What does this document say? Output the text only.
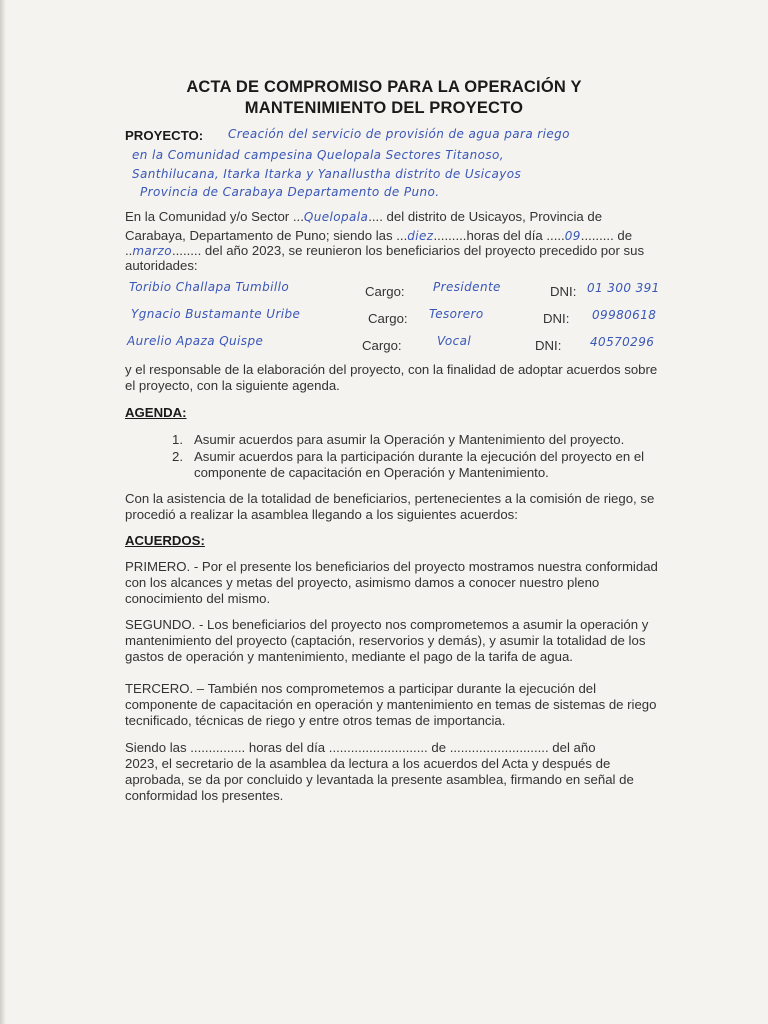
ACTA DE COMPROMISO PARA LA OPERACIÓN Y
MANTENIMIENTO DEL PROYECTO
PROYECTO: Creación del servicio de provisión de agua para riego
en la Comunidad campesina Quelopala Sectores Titanoso,
Santhilucana, Itarka Itarka y Yanallustha distrito de Usicayos
Provincia de Carabaya Departamento de Puno.
En la Comunidad y/o Sector ...Quelopala.... del distrito de Usicayos, Provincia de
Carabaya, Departamento de Puno; siendo las ...diez.........horas del día .....09......... de
..marzo........ del año 2023, se reunieron los beneficiarios del proyecto precedido por sus
autoridades:
Toribio Challapa Tumbillo	Cargo: Presidente	DNI: 01 300 391
Ygnacio Bustamante Uribe	Cargo: Tesorero	DNI: 09980618
Aurelio Apaza Quispe	Cargo:	Vocal	DNI: 40570296
y el responsable de la elaboración del proyecto, con la finalidad de adoptar acuerdos sobre
el proyecto, con la siguiente agenda.
AGENDA:
1. Asumir acuerdos para asumir la Operación y Mantenimiento del proyecto.
2. Asumir acuerdos para la participación durante la ejecución del proyecto en el
componente de capacitación en Operación y Mantenimiento.
Con la asistencia de la totalidad de beneficiarios, pertenecientes a la comisión de riego, se
procedió a realizar la asamblea llegando a los siguientes acuerdos:
ACUERDOS:
PRIMERO. - Por el presente los beneficiarios del proyecto mostramos nuestra conformidad
con los alcances y metas del proyecto, asimismo damos a conocer nuestro pleno
conocimiento del mismo.
SEGUNDO. - Los beneficiarios del proyecto nos comprometemos a asumir la operación y
mantenimiento del proyecto (captación, reservorios y demás), y asumir la totalidad de los
gastos de operación y mantenimiento, mediante el pago de la tarifa de agua.
TERCERO. – También nos comprometemos a participar durante la ejecución del
componente de capacitación en operación y mantenimiento en temas de sistemas de riego
tecnificado, técnicas de riego y entre otros temas de importancia.
Siendo las ............... horas del día ........................... de ........................... del año
2023, el secretario de la asamblea da lectura a los acuerdos del Acta y después de
aprobada, se da por concluido y levantada la presente asamblea, firmando en señal de
conformidad los presentes.
